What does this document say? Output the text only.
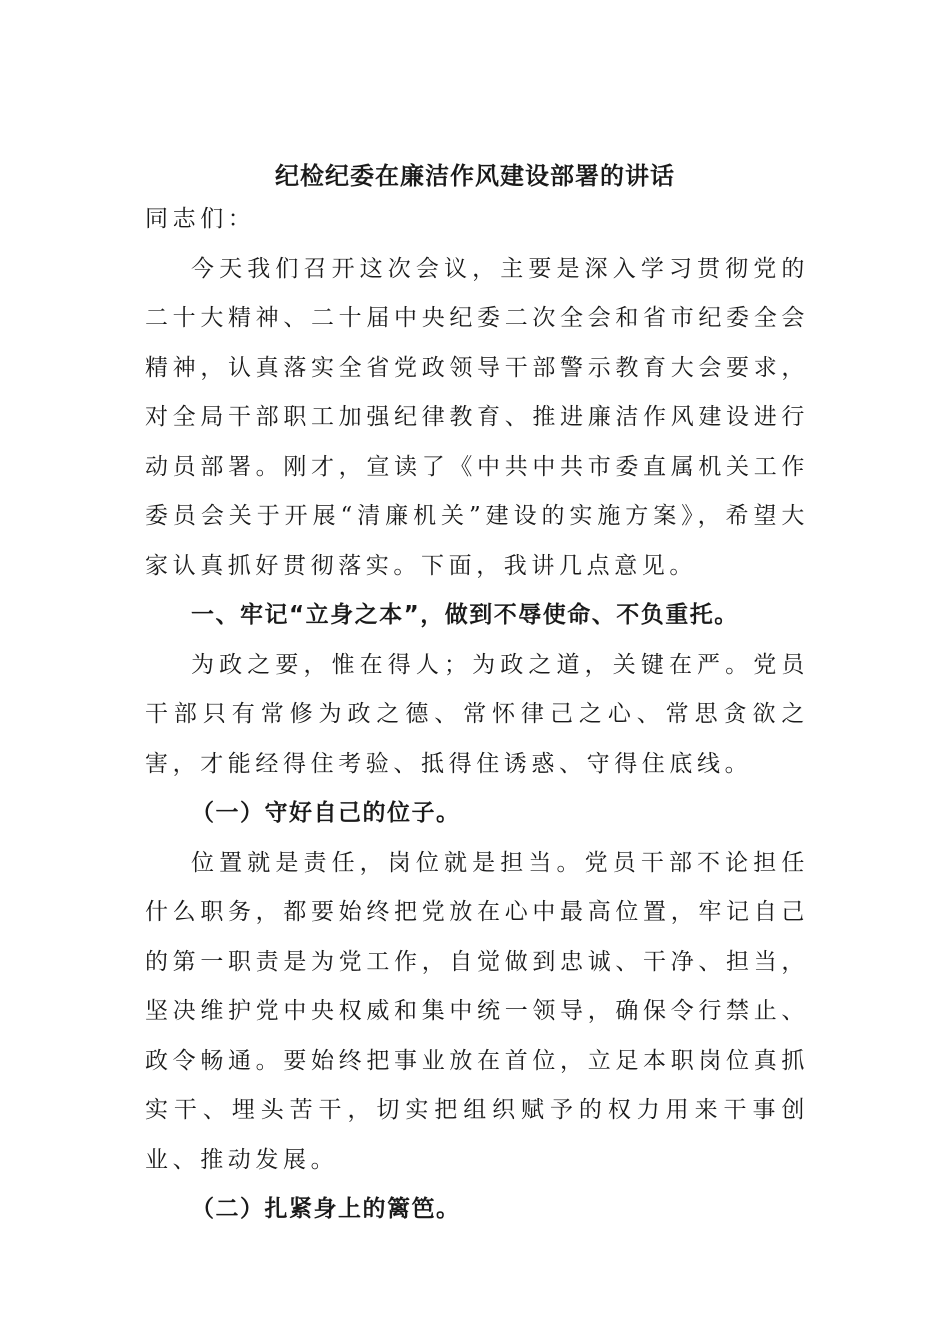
纪检纪委在廉洁作风建设部署的讲话

同志们：

今天我们召开这次会议，主要是深入学习贯彻党的二十大精神、二十届中央纪委二次全会和省市纪委全会精神，认真落实全省党政领导干部警示教育大会要求，对全局干部职工加强纪律教育、推进廉洁作风建设进行动员部署。刚才，宣读了《中共中共市委直属机关工作委员会关于开展“清廉机关”建设的实施方案》，希望大家认真抓好贯彻落实。下面，我讲几点意见。

一、牢记“立身之本”，做到不辱使命、不负重托。

为政之要，惟在得人；为政之道，关键在严。党员干部只有常修为政之德、常怀律己之心、常思贪欲之害，才能经得住考验、抵得住诱惑、守得住底线。

（一）守好自己的位子。

位置就是责任，岗位就是担当。党员干部不论担任什么职务，都要始终把党放在心中最高位置，牢记自己的第一职责是为党工作，自觉做到忠诚、干净、担当，坚决维护党中央权威和集中统一领导，确保令行禁止、政令畅通。要始终把事业放在首位，立足本职岗位真抓实干、埋头苦干，切实把组织赋予的权力用来干事创业、推动发展。

（二）扎紧身上的篱笆。
